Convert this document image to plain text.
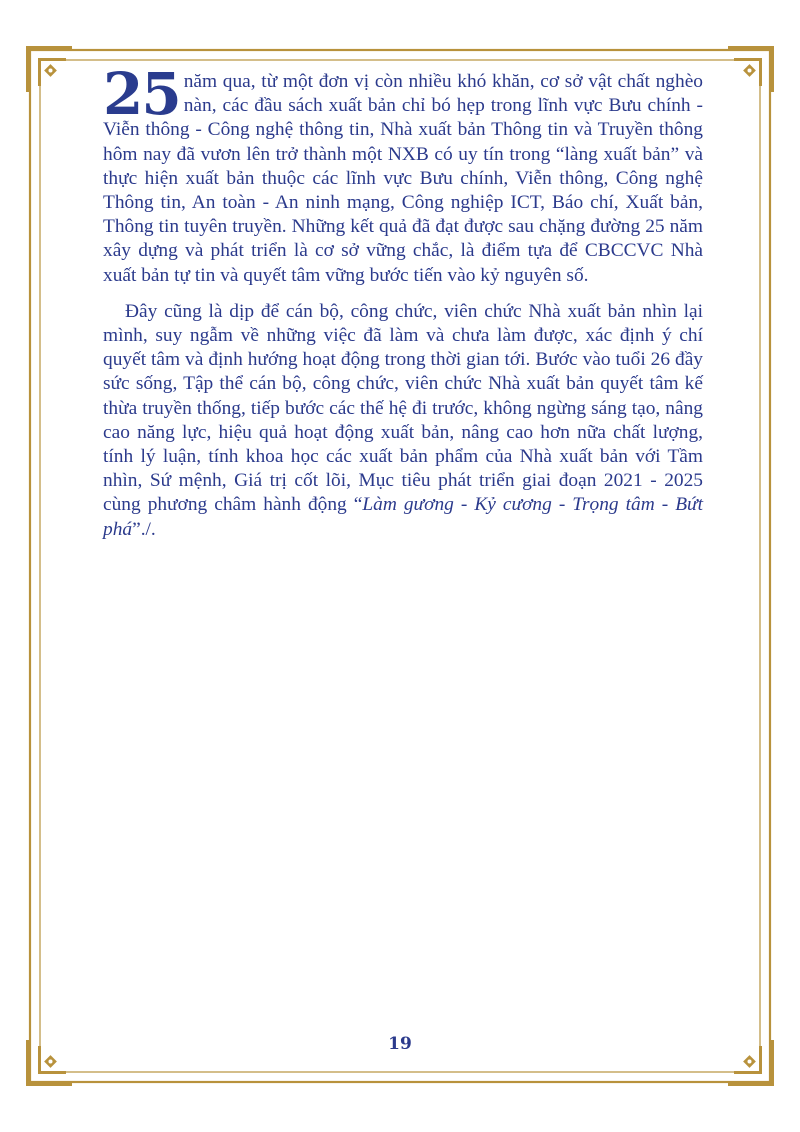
25 năm qua, từ một đơn vị còn nhiều khó khăn, cơ sở vật chất nghèo nàn, các đầu sách xuất bản chỉ bó hẹp trong lĩnh vực Bưu chính - Viễn thông - Công nghệ thông tin, Nhà xuất bản Thông tin và Truyền thông hôm nay đã vươn lên trở thành một NXB có uy tín trong “làng xuất bản” và thực hiện xuất bản thuộc các lĩnh vực Bưu chính, Viễn thông, Công nghệ Thông tin, An toàn - An ninh mạng, Công nghiệp ICT, Báo chí, Xuất bản, Thông tin tuyên truyền. Những kết quả đã đạt được sau chặng đường 25 năm xây dựng và phát triển là cơ sở vững chắc, là điểm tựa để CBCCVC Nhà xuất bản tự tin và quyết tâm vững bước tiến vào kỷ nguyên số.

Đây cũng là dịp để cán bộ, công chức, viên chức Nhà xuất bản nhìn lại mình, suy ngẫm về những việc đã làm và chưa làm được, xác định ý chí quyết tâm và định hướng hoạt động trong thời gian tới. Bước vào tuổi 26 đầy sức sống, Tập thể cán bộ, công chức, viên chức Nhà xuất bản quyết tâm kế thừa truyền thống, tiếp bước các thế hệ đi trước, không ngừng sáng tạo, nâng cao năng lực, hiệu quả hoạt động xuất bản, nâng cao hơn nữa chất lượng, tính lý luận, tính khoa học các xuất bản phẩm của Nhà xuất bản với Tầm nhìn, Sứ mệnh, Giá trị cốt lõi, Mục tiêu phát triển giai đoạn 2021 - 2025 cùng phương châm hành động “Làm gương - Kỷ cương - Trọng tâm - Bứt phá”./.

19
